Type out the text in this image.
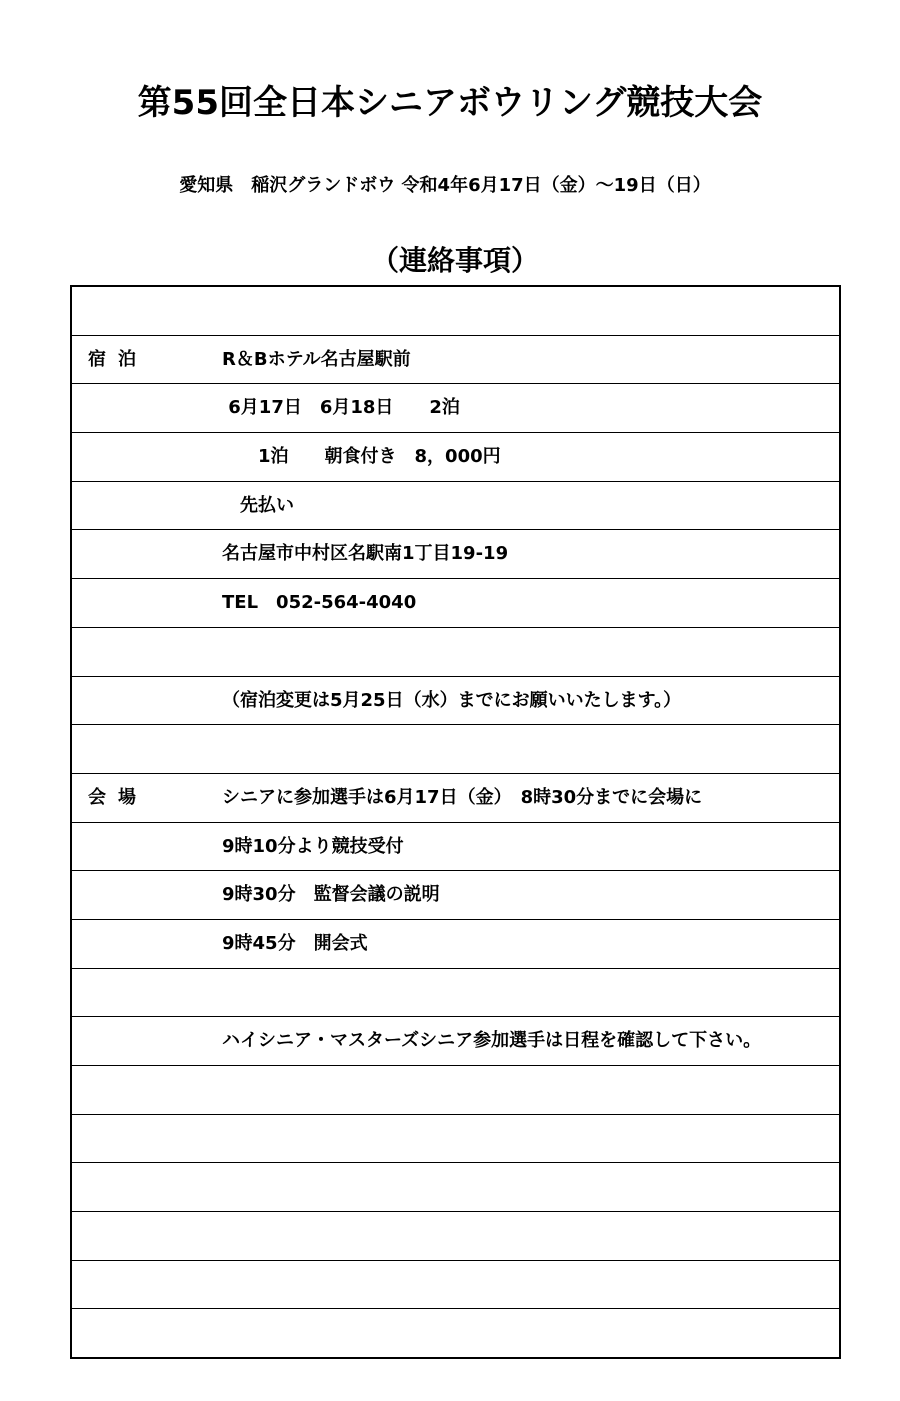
第55回全日本シニアボウリング競技大会

愛知県　稲沢グランドボウ 令和4年6月17日（金）～19日（日）

（連絡事項）
宿泊	R＆Bホテル名古屋駅前
6月17日　6月18日　　2泊
　　1泊　　朝食付き　8，000円
　先払い
名古屋市中村区名駅南1丁目19-19
TEL　052-564-4040
（宿泊変更は5月25日（水）までにお願いいたします。）
会場	シニアに参加選手は6月17日（金）　8時30分までに会場に
9時10分より競技受付
9時30分　監督会議の説明
9時45分　開会式
ハイシニア・マスターズシニア参加選手は日程を確認して下さい。
